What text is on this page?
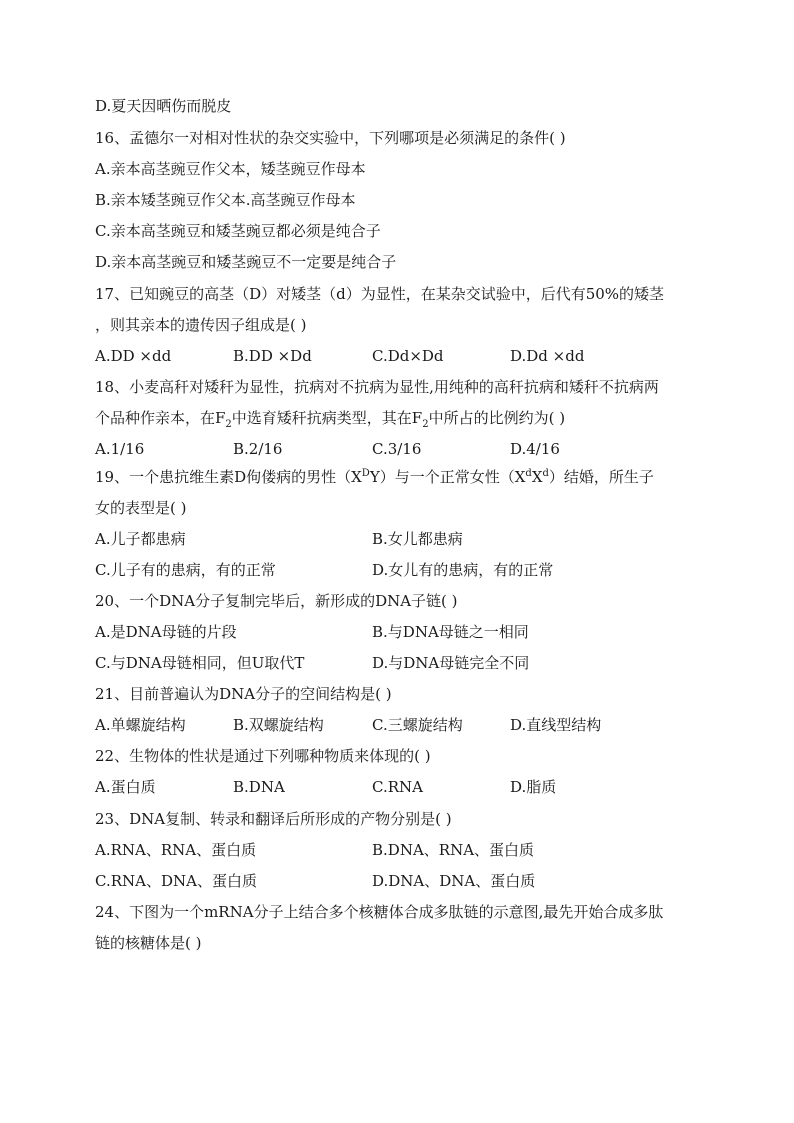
D.夏天因晒伤而脱皮
16、孟德尔一对相对性状的杂交实验中，下列哪项是必须满足的条件( )
A.亲本高茎豌豆作父本，矮茎豌豆作母本
B.亲本矮茎豌豆作父本.高茎豌豆作母本
C.亲本高茎豌豆和矮茎豌豆都必须是纯合子
D.亲本高茎豌豆和矮茎豌豆不一定要是纯合子
17、已知豌豆的高茎（D）对矮茎（d）为显性，在某杂交试验中，后代有50%的矮茎
，则其亲本的遗传因子组成是( )
A.DD ×dd	B.DD ×Dd	C.Dd×Dd	D.Dd ×dd
18、小麦高秆对矮秆为显性，抗病对不抗病为显性,用纯种的高秆抗病和矮秆不抗病两
个品种作亲本，在$F_2$中选育矮秆抗病类型，其在$F_2$中所占的比例约为( )
A.1/16	B.2/16	C.3/16	D.4/16
19、一个患抗维生素D佝偻病的男性$(X^DY)$与一个正常女性$(X^dX^d)$结婚，所生子
女的表型是( )
A.儿子都患病	B.女儿都患病
C.儿子有的患病，有的正常	D.女儿有的患病，有的正常
20、一个DNA分子复制完毕后，新形成的DNA子链( )
A.是DNA母链的片段	B.与DNA母链之一相同
C.与DNA母链相同，但U取代T	D.与DNA母链完全不同
21、目前普遍认为DNA分子的空间结构是( )
A.单螺旋结构	B.双螺旋结构	C.三螺旋结构	D.直线型结构
22、生物体的性状是通过下列哪种物质来体现的( )
A.蛋白质	B.DNA	C.RNA	D.脂质
23、DNA复制、转录和翻译后所形成的产物分别是( )
A.RNA、RNA、蛋白质	B.DNA、RNA、蛋白质
C.RNA、DNA、蛋白质	D.DNA、DNA、蛋白质
24、下图为一个mRNA分子上结合多个核糖体合成多肽链的示意图,最先开始合成多肽
链的核糖体是( )
